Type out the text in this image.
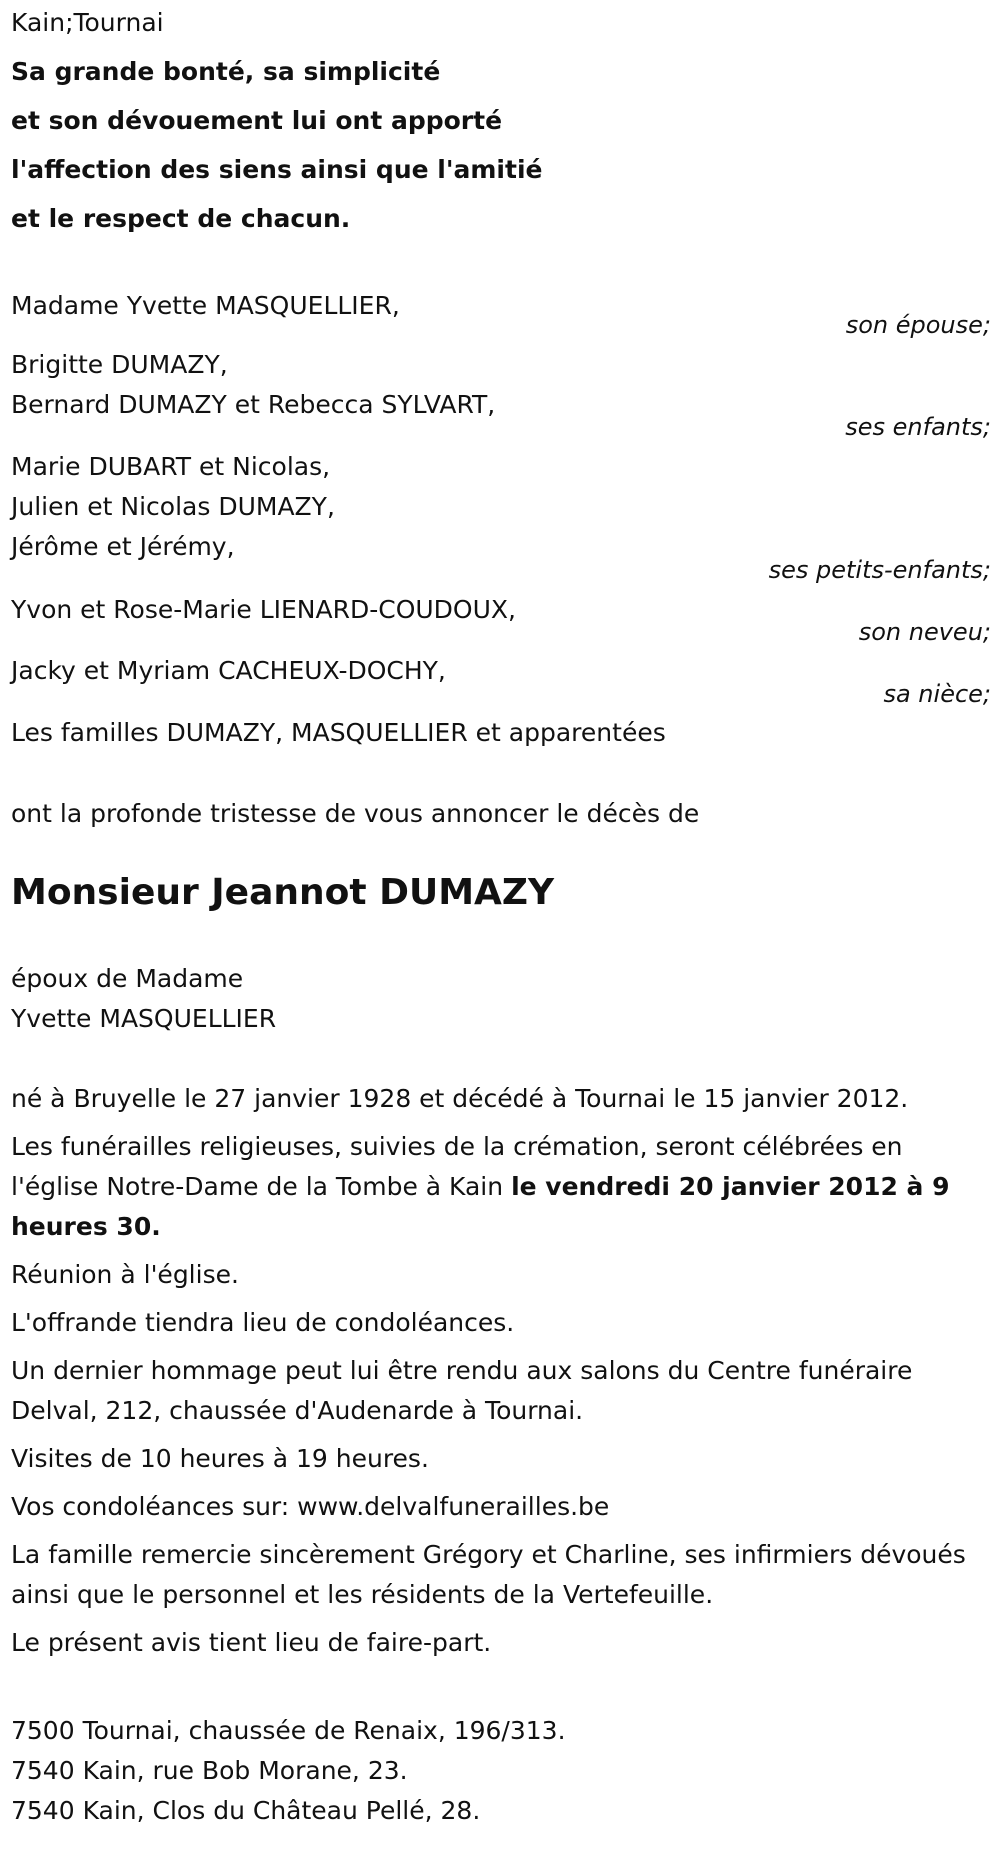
Kain;Tournai
Sa grande bonté, sa simplicité
et son dévouement lui ont apporté
l'affection des siens ainsi que l'amitié
et le respect de chacun.
Madame Yvette MASQUELLIER,
son épouse;
Brigitte DUMAZY,
Bernard DUMAZY et Rebecca SYLVART,
ses enfants;
Marie DUBART et Nicolas,
Julien et Nicolas DUMAZY,
Jérôme et Jérémy,
ses petits-enfants;
Yvon et Rose-Marie LIENARD-COUDOUX,
son neveu;
Jacky et Myriam CACHEUX-DOCHY,
sa nièce;
Les familles DUMAZY, MASQUELLIER et apparentées
ont la profonde tristesse de vous annoncer le décès de
Monsieur Jeannot DUMAZY
époux de Madame
Yvette MASQUELLIER
né à Bruyelle le 27 janvier 1928 et décédé à Tournai le 15 janvier 2012.
Les funérailles religieuses, suivies de la crémation, seront célébrées en l'église Notre-Dame de la Tombe à Kain le vendredi 20 janvier 2012 à 9 heures 30.
Réunion à l'église.
L'offrande tiendra lieu de condoléances.
Un dernier hommage peut lui être rendu aux salons du Centre funéraire Delval, 212, chaussée d'Audenarde à Tournai.
Visites de 10 heures à 19 heures.
Vos condoléances sur: www.delvalfunerailles.be
La famille remercie sincèrement Grégory et Charline, ses infirmiers dévoués ainsi que le personnel et les résidents de la Vertefeuille.
Le présent avis tient lieu de faire-part.
7500 Tournai, chaussée de Renaix, 196/313.
7540 Kain, rue Bob Morane, 23.
7540 Kain, Clos du Château Pellé, 28.
